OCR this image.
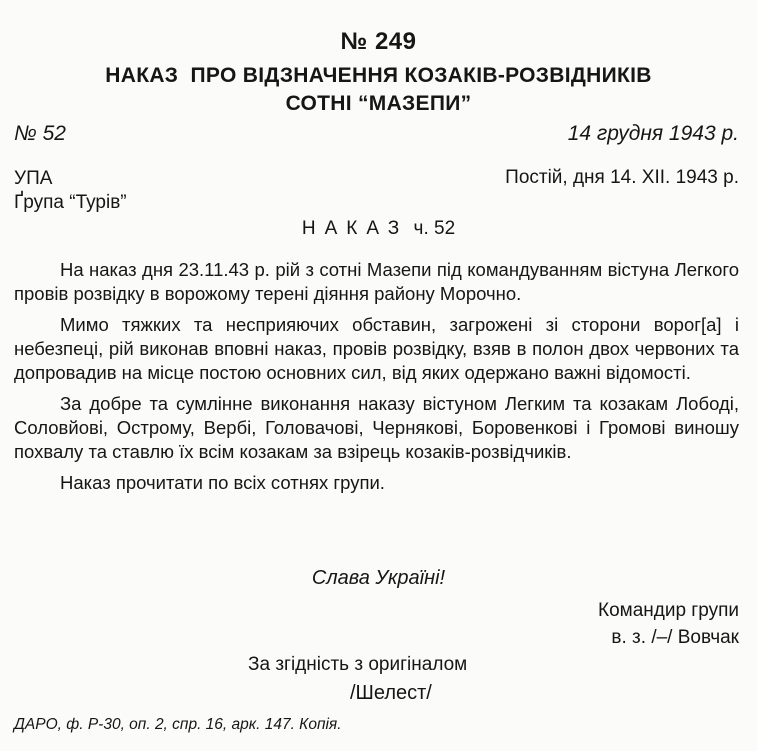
№ 249
НАКАЗ  ПРО ВІДЗНАЧЕННЯ КОЗАКІВ-РОЗВІДНИКІВ
СОТНІ “МАЗЕПИ”
№ 52	14 грудня 1943 р.
УПА
Ґрупа “Турів”
Постій, дня 14. XII. 1943 р.
НАКАЗ ч. 52

На наказ дня 23.11.43 р. рій з сотні Мазепи під командуванням вістуна Легкого провів розвідку в ворожому терені діяння району Морочно.

Мимо тяжких та несприяючих обставин, загрожені зі сторони ворог[а] і небезпеці, рій виконав вповні наказ, провів розвідку, взяв в полон двох червоних та допровадив на місце постою основних сил, від яких одержано важні відомості.

За добре та сумлінне виконання наказу вістуном Легким та козакам Лободі, Соловйові, Острому, Вербі, Головачові, Чернякові, Боровенкові і Громові виношу похвалу та ставлю їх всім козакам за взірець козаків-розвідчиків.

Наказ прочитати по всіх сотнях групи.

Слава Україні!
Командир групи
в. з. /–/ Вовчак
За згідність з оригіналом
/Шелест/
ДАРО, ф. Р-30, оп. 2, спр. 16, арк. 147. Копія.
